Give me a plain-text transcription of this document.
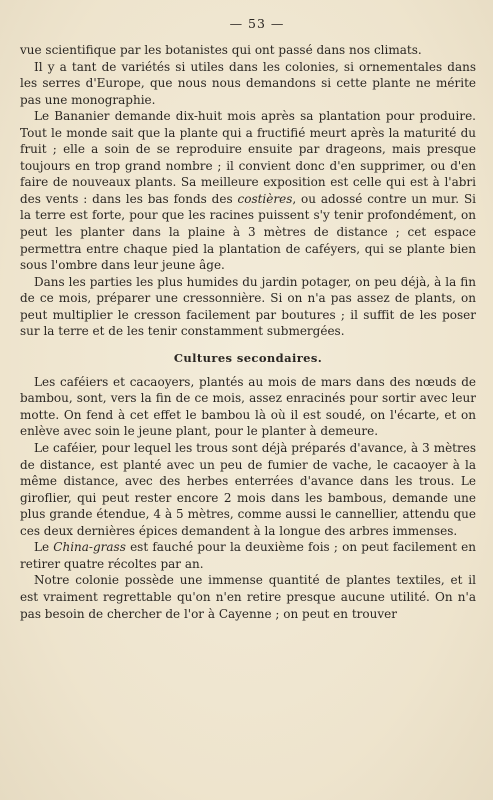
— 53 —

vue scientifique par les botanistes qui ont passé dans nos climats.

Il y a tant de variétés si utiles dans les colonies, si ornementales dans les serres d'Europe, que nous nous demandons si cette plante ne mérite pas une monographie.

Le Bananier demande dix-huit mois après sa plantation pour produire. Tout le monde sait que la plante qui a fructifié meurt après la maturité du fruit ; elle a soin de se reproduire ensuite par drageons, mais presque toujours en trop grand nombre ; il convient donc d'en supprimer, ou d'en faire de nouveaux plants. Sa meilleure exposition est celle qui est à l'abri des vents : dans les bas fonds des costières, ou adossé contre un mur. Si la terre est forte, pour que les racines puissent s'y tenir profondément, on peut les planter dans la plaine à 3 mètres de distance ; cet espace permettra entre chaque pied la plantation de caféyers, qui se plante bien sous l'ombre dans leur jeune âge.

Dans les parties les plus humides du jardin potager, on peu déjà, à la fin de ce mois, préparer une cressonnière. Si on n'a pas assez de plants, on peut multiplier le cresson facilement par boutures ; il suffit de les poser sur la terre et de les tenir constamment submergées.

Cultures secondaires.

Les caféiers et cacaoyers, plantés au mois de mars dans des nœuds de bambou, sont, vers la fin de ce mois, assez enracinés pour sortir avec leur motte. On fend à cet effet le bambou là où il est soudé, on l'écarte, et on enlève avec soin le jeune plant, pour le planter à demeure.

Le caféier, pour lequel les trous sont déjà préparés d'avance, à 3 mètres de distance, est planté avec un peu de fumier de vache, le cacaoyer à la même distance, avec des herbes enterrées d'avance dans les trous. Le giroflier, qui peut rester encore 2 mois dans les bambous, demande une plus grande étendue, 4 à 5 mètres, comme aussi le cannellier, attendu que ces deux dernières épices demandent à la longue des arbres immenses.

Le China-grass est fauché pour la deuxième fois ; on peut facilement en retirer quatre récoltes par an.

Notre colonie possède une immense quantité de plantes textiles, et il est vraiment regrettable qu'on n'en retire presque aucune utilité. On n'a pas besoin de chercher de l'or à Cayenne ; on peut en trouver
